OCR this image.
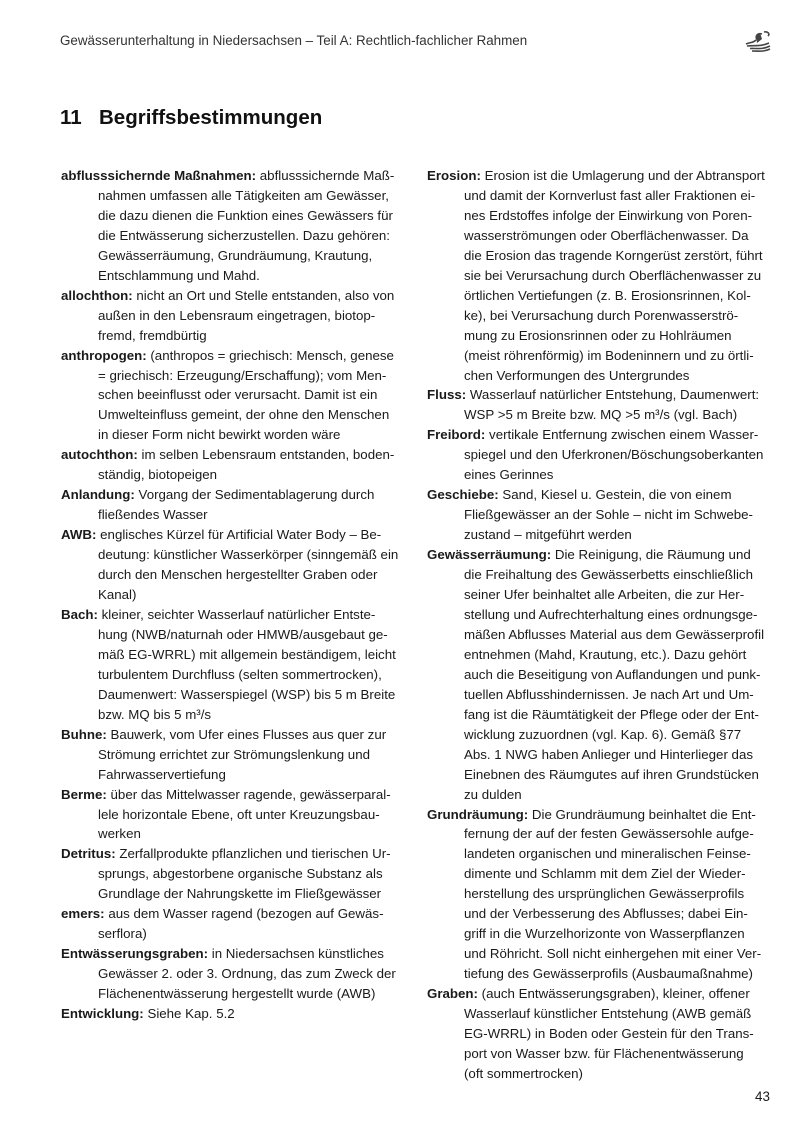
Gewässerunterhaltung in Niedersachsen – Teil A: Rechtlich-fachlicher Rahmen
11 Begriffsbestimmungen
abflusssichernde Maßnahmen: abflusssichernde Maß-
nahmen umfassen alle Tätigkeiten am Gewässer,
die dazu dienen die Funktion eines Gewässers für
die Entwässerung sicherzustellen. Dazu gehören:
Gewässerräumung, Grundräumung, Krautung,
Entschlammung und Mahd.
allochthon: nicht an Ort und Stelle entstanden, also von
außen in den Lebensraum eingetragen, biotop-
fremd, fremdbürtig
anthropogen: (anthropos = griechisch: Mensch, genese
= griechisch: Erzeugung/Erschaffung); vom Men-
schen beeinflusst oder verursacht. Damit ist ein
Umwelteinfluss gemeint, der ohne den Menschen
in dieser Form nicht bewirkt worden wäre
autochthon: im selben Lebensraum entstanden, boden-
ständig, biotopeigen
Anlandung: Vorgang der Sedimentablagerung durch
fließendes Wasser
AWB: englisches Kürzel für Artificial Water Body – Be-
deutung: künstlicher Wasserkörper (sinngemäß ein
durch den Menschen hergestellter Graben oder
Kanal)
Bach: kleiner, seichter Wasserlauf natürlicher Entste-
hung (NWB/naturnah oder HMWB/ausgebaut ge-
mäß EG-WRRL) mit allgemein beständigem, leicht
turbulentem Durchfluss (selten sommertrocken),
Daumenwert: Wasserspiegel (WSP) bis 5 m Breite
bzw. MQ bis 5 m³/s
Buhne: Bauwerk, vom Ufer eines Flusses aus quer zur
Strömung errichtet zur Strömungslenkung und
Fahrwasservertiefung
Berme: über das Mittelwasser ragende, gewässerparal-
lele horizontale Ebene, oft unter Kreuzungsbau-
werken
Detritus: Zerfallprodukte pflanzlichen und tierischen Ur-
sprungs, abgestorbene organische Substanz als
Grundlage der Nahrungskette im Fließgewässer
emers: aus dem Wasser ragend (bezogen auf Gewäs-
serflora)
Entwässerungsgraben: in Niedersachsen künstliches
Gewässer 2. oder 3. Ordnung, das zum Zweck der
Flächenentwässerung hergestellt wurde (AWB)
Entwicklung: Siehe Kap. 5.2
Erosion: Erosion ist die Umlagerung und der Abtransport
und damit der Kornverlust fast aller Fraktionen ei-
nes Erdstoffes infolge der Einwirkung von Poren-
wasserströmungen oder Oberflächenwasser. Da
die Erosion das tragende Korngerüst zerstört, führt
sie bei Verursachung durch Oberflächenwasser zu
örtlichen Vertiefungen (z. B. Erosionsrinnen, Kol-
ke), bei Verursachung durch Porenwasserströ-
mung zu Erosionsrinnen oder zu Hohlräumen
(meist röhrenförmig) im Bodeninnern und zu örtli-
chen Verformungen des Untergrundes
Fluss: Wasserlauf natürlicher Entstehung, Daumenwert:
WSP >5 m Breite bzw. MQ >5 m³/s (vgl. Bach)
Freibord: vertikale Entfernung zwischen einem Wasser-
spiegel und den Uferkronen/Böschungsoberkanten
eines Gerinnes
Geschiebe: Sand, Kiesel u. Gestein, die von einem
Fließgewässer an der Sohle – nicht im Schwebe-
zustand – mitgeführt werden
Gewässerräumung: Die Reinigung, die Räumung und
die Freihaltung des Gewässerbetts einschließlich
seiner Ufer beinhaltet alle Arbeiten, die zur Her-
stellung und Aufrechterhaltung eines ordnungsge-
mäßen Abflusses Material aus dem Gewässerprofil
entnehmen (Mahd, Krautung, etc.). Dazu gehört
auch die Beseitigung von Auflandungen und punk-
tuellen Abflusshindernissen. Je nach Art und Um-
fang ist die Räumtätigkeit der Pflege oder der Ent-
wicklung zuzuordnen (vgl. Kap. 6). Gemäß §77
Abs. 1 NWG haben Anlieger und Hinterlieger das
Einebnen des Räumgutes auf ihren Grundstücken
zu dulden
Grundräumung: Die Grundräumung beinhaltet die Ent-
fernung der auf der festen Gewässersohle aufge-
landeten organischen und mineralischen Feinse-
dimente und Schlamm mit dem Ziel der Wieder-
herstellung des ursprünglichen Gewässerprofils
und der Verbesserung des Abflusses; dabei Ein-
griff in die Wurzelhorizonte von Wasserpflanzen
und Röhricht. Soll nicht einhergehen mit einer Ver-
tiefung des Gewässerprofils (Ausbaumaßnahme)
Graben: (auch Entwässerungsgraben), kleiner, offener
Wasserlauf künstlicher Entstehung (AWB gemäß
EG-WRRL) in Boden oder Gestein für den Trans-
port von Wasser bzw. für Flächenentwässerung
(oft sommertrocken)
43
